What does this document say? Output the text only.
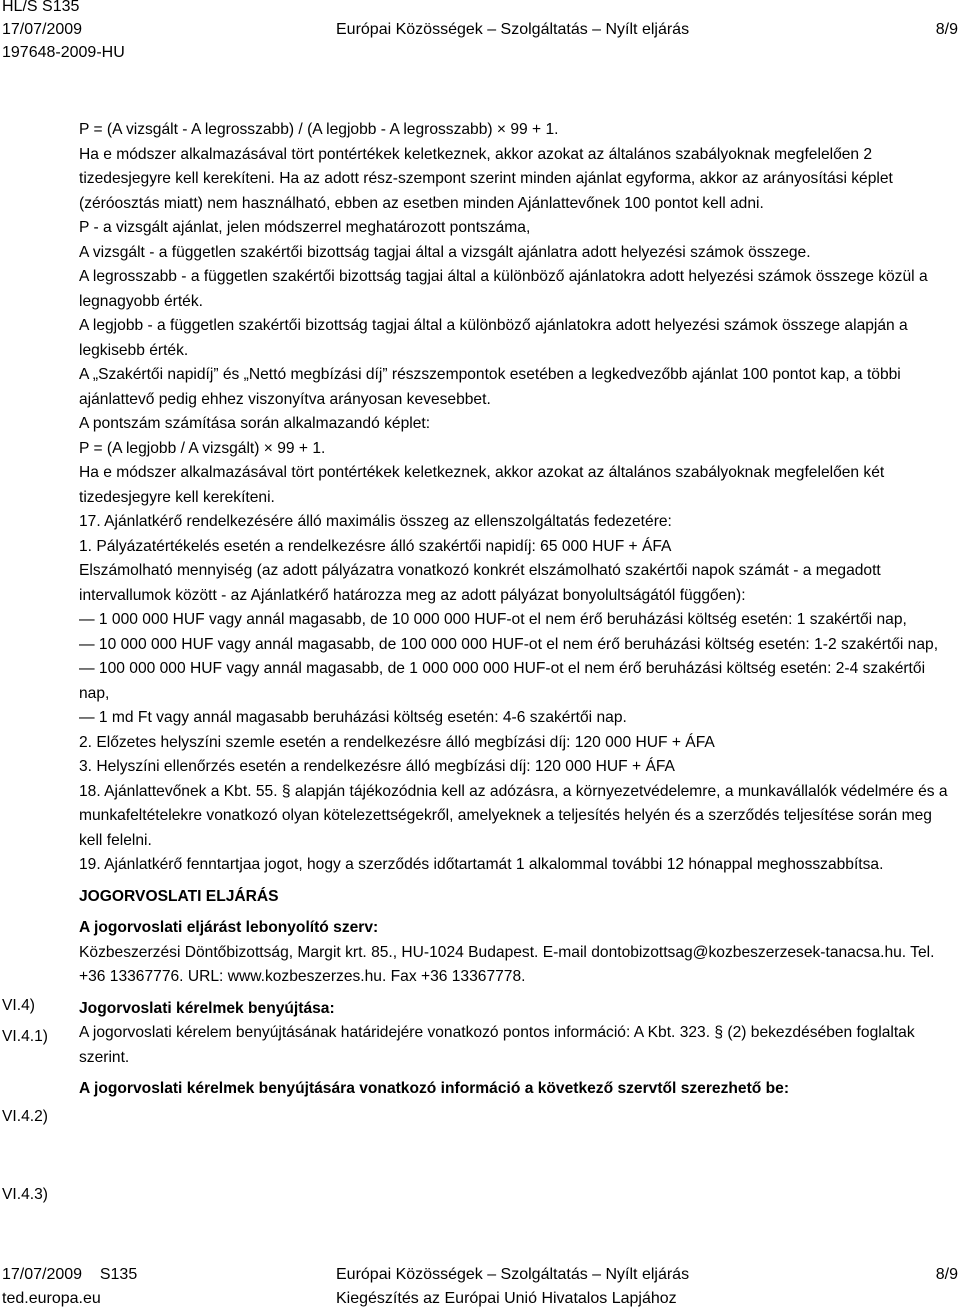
HL/S S135
17/07/2009
197648-2009-HU
Európai Közösségek – Szolgáltatás – Nyílt eljárás	8/9

P = (A vizsgált - A legrosszabb) / (A legjobb - A legrosszabb) × 99 + 1.

Ha e módszer alkalmazásával tört pontértékek keletkeznek, akkor azokat az általános szabályoknak megfelelően 2 tizedesjegyre kell kerekíteni. Ha az adott rész-szempont szerint minden ajánlat egyforma, akkor az arányosítási képlet (zéróosztás miatt) nem használható, ebben az esetben minden Ajánlattevőnek 100 pontot kell adni.

P - a vizsgált ajánlat, jelen módszerrel meghatározott pontszáma,

A vizsgált - a független szakértői bizottság tagjai által a vizsgált ajánlatra adott helyezési számok összege.

A legrosszabb - a független szakértői bizottság tagjai által a különböző ajánlatokra adott helyezési számok összege közül a legnagyobb érték.

A legjobb - a független szakértői bizottság tagjai által a különböző ajánlatokra adott helyezési számok összege alapján a legkisebb érték.

A „Szakértői napidíj” és „Nettó megbízási díj” részszempontok esetében a legkedvezőbb ajánlat 100 pontot kap, a többi ajánlattevő pedig ehhez viszonyítva arányosan kevesebbet.

A pontszám számítása során alkalmazandó képlet:

P = (A legjobb / A vizsgált) × 99 + 1.

Ha e módszer alkalmazásával tört pontértékek keletkeznek, akkor azokat az általános szabályoknak megfelelően két tizedesjegyre kell kerekíteni.

17. Ajánlatkérő rendelkezésére álló maximális összeg az ellenszolgáltatás fedezetére:

1. Pályázatértékelés esetén a rendelkezésre álló szakértői napidíj: 65 000 HUF + ÁFA

Elszámolható mennyiség (az adott pályázatra vonatkozó konkrét elszámolható szakértői napok számát - a megadott intervallumok között - az Ajánlatkérő határozza meg az adott pályázat bonyolultságától függően):

— 1 000 000 HUF vagy annál magasabb, de 10 000 000 HUF-ot el nem érő beruházási költség esetén: 1 szakértői nap,

— 10 000 000 HUF vagy annál magasabb, de 100 000 000 HUF-ot el nem érő beruházási költség esetén: 1-2 szakértői nap,

— 100 000 000 HUF vagy annál magasabb, de 1 000 000 000 HUF-ot el nem érő beruházási költség esetén: 2-4 szakértői nap,

— 1 md Ft vagy annál magasabb beruházási költség esetén: 4-6 szakértői nap.

2. Előzetes helyszíni szemle esetén a rendelkezésre álló megbízási díj: 120 000 HUF + ÁFA

3. Helyszíni ellenőrzés esetén a rendelkezésre álló megbízási díj: 120 000 HUF + ÁFA

18. Ajánlattevőnek a Kbt. 55. § alapján tájékozódnia kell az adózásra, a környezetvédelemre, a munkavállalók védelmére és a munkafeltételekre vonatkozó olyan kötelezettségekről, amelyeknek a teljesítés helyén és a szerződés teljesítése során meg kell felelni.

19. Ajánlatkérő fenntartjaa jogot, hogy a szerződés időtartamát 1 alkalommal további 12 hónappal meghosszabbítsa.

JOGORVOSLATI ELJÁRÁS

A jogorvoslati eljárást lebonyolító szerv:

Közbeszerzési Döntőbizottság, Margit krt. 85., HU-1024 Budapest. E-mail dontobizottsag@kozbeszerzesek-tanacsa.hu. Tel. +36 13367776. URL: www.kozbeszerzes.hu. Fax +36 13367778.

Jogorvoslati kérelmek benyújtása:

A jogorvoslati kérelem benyújtásának határidejére vonatkozó pontos információ: A Kbt. 323. § (2) bekezdésében foglaltak szerint.

A jogorvoslati kérelmek benyújtására vonatkozó információ a következő szervtől szerezhető be:

VI.4)
VI.4.1)
VI.4.2)
VI.4.3)
17/07/2009    S135
ted.europa.eu
Európai Közösségek – Szolgáltatás – Nyílt eljárás
Kiegészítés az Európai Unió Hivatalos Lapjához
8/9
